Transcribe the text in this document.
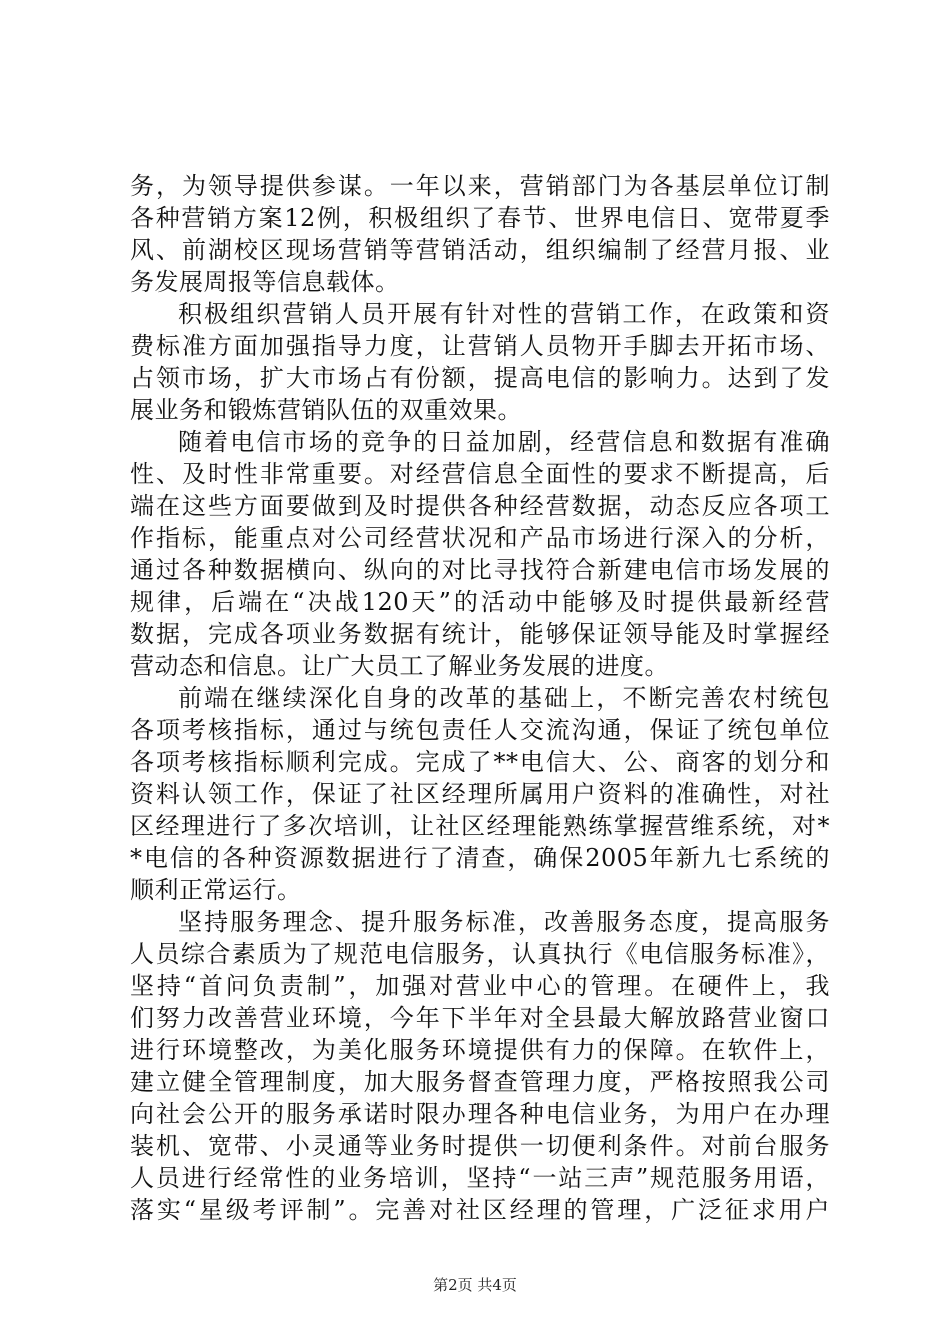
务，为领导提供参谋。一年以来，营销部门为各基层单位订制
各种营销方案12例，积极组织了春节、世界电信日、宽带夏季
风、前湖校区现场营销等营销活动，组织编制了经营月报、业
务发展周报等信息载体。
积极组织营销人员开展有针对性的营销工作，在政策和资
费标准方面加强指导力度，让营销人员物开手脚去开拓市场、
占领市场，扩大市场占有份额，提高电信的影响力。达到了发
展业务和锻炼营销队伍的双重效果。
随着电信市场的竞争的日益加剧，经营信息和数据有准确
性、及时性非常重要。对经营信息全面性的要求不断提高，后
端在这些方面要做到及时提供各种经营数据，动态反应各项工
作指标，能重点对公司经营状况和产品市场进行深入的分析，
通过各种数据横向、纵向的对比寻找符合新建电信市场发展的
规律，后端在“决战120天”的活动中能够及时提供最新经营
数据，完成各项业务数据有统计，能够保证领导能及时掌握经
营动态和信息。让广大员工了解业务发展的进度。
前端在继续深化自身的改革的基础上，不断完善农村统包
各项考核指标，通过与统包责任人交流沟通，保证了统包单位
各项考核指标顺利完成。完成了**电信大、公、商客的划分和
资料认领工作，保证了社区经理所属用户资料的准确性，对社
区经理进行了多次培训，让社区经理能熟练掌握营维系统，对*
*电信的各种资源数据进行了清查，确保2005年新九七系统的
顺利正常运行。
坚持服务理念、提升服务标准，改善服务态度，提高服务
人员综合素质为了规范电信服务，认真执行《电信服务标准》，
坚持“首问负责制”，加强对营业中心的管理。在硬件上，我
们努力改善营业环境，今年下半年对全县最大解放路营业窗口
进行环境整改，为美化服务环境提供有力的保障。在软件上，
建立健全管理制度，加大服务督查管理力度，严格按照我公司
向社会公开的服务承诺时限办理各种电信业务，为用户在办理
装机、宽带、小灵通等业务时提供一切便利条件。对前台服务
人员进行经常性的业务培训，坚持“一站三声”规范服务用语，
落实“星级考评制”。完善对社区经理的管理，广泛征求用户
第2页 共4页
